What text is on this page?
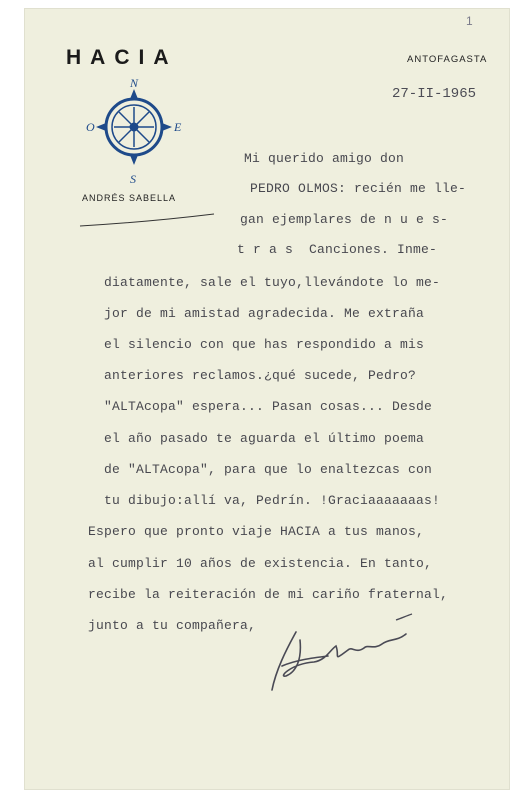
1
HACIA	ANTOFAGASTA
27-II-1965
N
S
O	E
ANDRÉS SABELLA
Mi querido amigo don
PEDRO OLMOS: recién me lle-
gan ejemplares de n u e s-
t r a s  Canciones. Inme-
diatamente, sale el tuyo,llevándote lo me-
jor de mi amistad agradecida. Me extraña
el silencio con que has respondido a mis
anteriores reclamos.¿qué sucede, Pedro?
"ALTAcopa" espera... Pasan cosas... Desde
el año pasado te aguarda el último poema
de "ALTAcopa", para que lo enaltezcas con
tu dibujo:allí va, Pedrín. !Graciaaaaaaas!
Espero que pronto viaje HACIA a tus manos,
al cumplir 10 años de existencia. En tanto,
recibe la reiteración de mi cariño fraternal,
junto a tu compañera,
